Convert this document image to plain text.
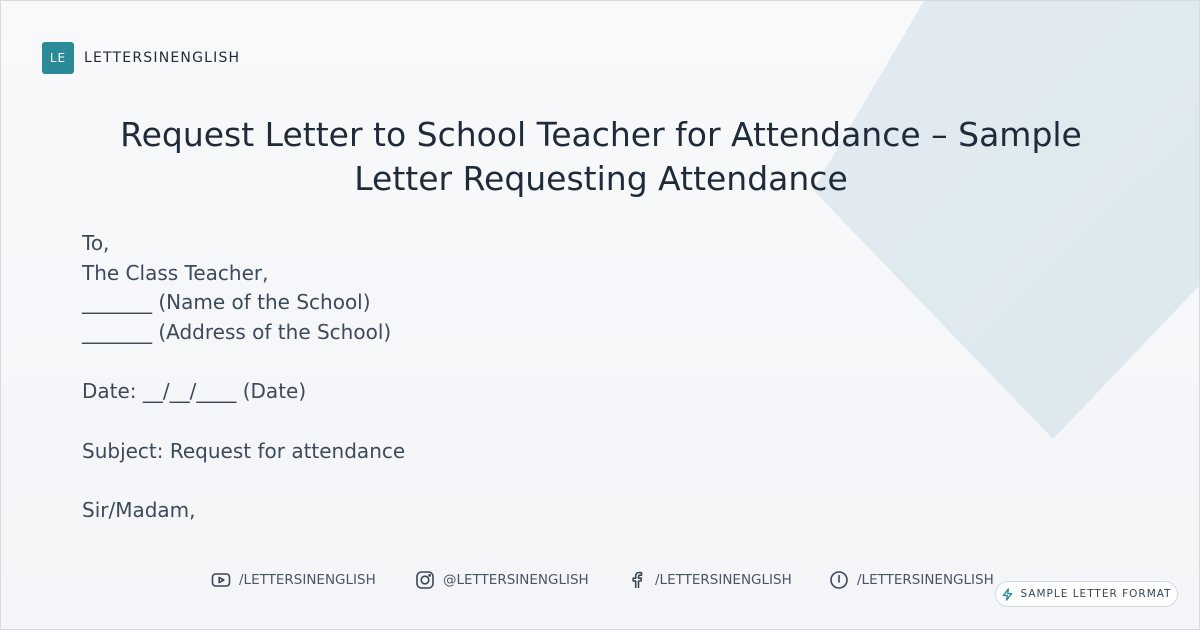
LE	LETTERSINENGLISH
Request Letter to School Teacher for Attendance – Sample Letter Requesting Attendance
To,
The Class Teacher,
_______ (Name of the School)
_______ (Address of the School)
Date: __/__/____ (Date)
Subject: Request for attendance
Sir/Madam,
/LETTERSINENGLISH	@LETTERSINENGLISH	/LETTERSINENGLISH	/LETTERSINENGLISH
SAMPLE LETTER FORMAT
